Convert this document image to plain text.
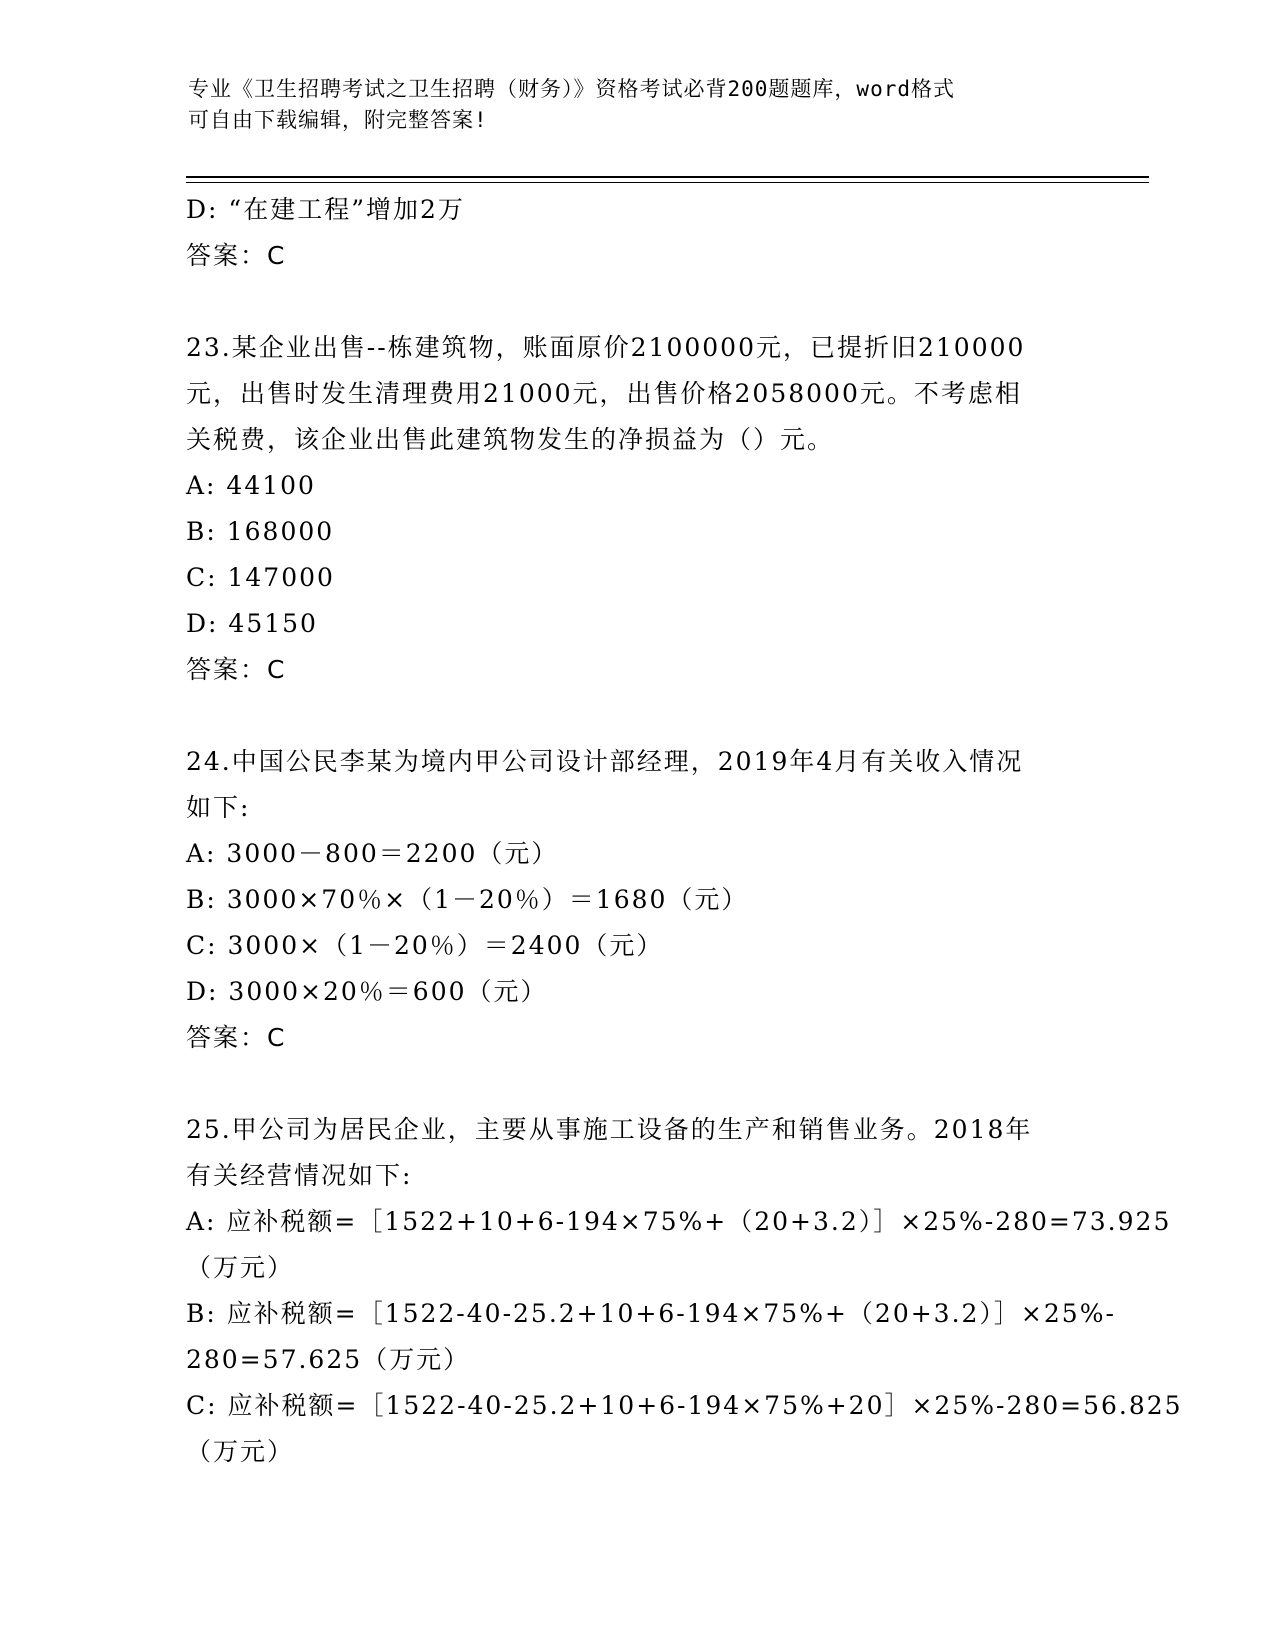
专业《卫生招聘考试之卫生招聘（财务）》资格考试必背200题题库，word格式
可自由下载编辑，附完整答案!
D: “在建工程”增加2万
答案：C
23.某企业出售--栋建筑物，账面原价2100000元，已提折旧210000
元，出售时发生清理费用21000元，出售价格2058000元。不考虑相
关税费，该企业出售此建筑物发生的净损益为（）元。
A: 44100
B: 168000
C: 147000
D: 45150
答案：C
24.中国公民李某为境内甲公司设计部经理，2019年4月有关收入情况
如下:
A: 3000－800＝2200（元）
B: 3000×70％×（1－20％）＝1680（元）
C: 3000×（1－20％）＝2400（元）
D: 3000×20％＝600（元）
答案：C
25.甲公司为居民企业，主要从事施工设备的生产和销售业务。2018年
有关经营情况如下:
A: 应补税额=［1522+10+6-194×75%+（20+3.2）］×25%-280=73.925
（万元）
B: 应补税额=［1522-40-25.2+10+6-194×75%+（20+3.2）］×25%-
280=57.625（万元）
C: 应补税额=［1522-40-25.2+10+6-194×75%+20］×25%-280=56.825
（万元）
